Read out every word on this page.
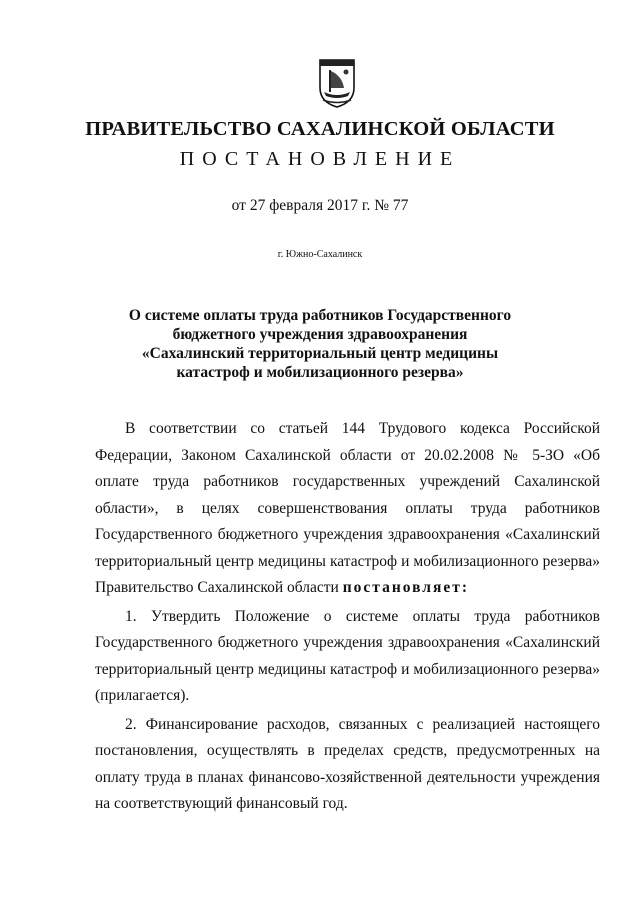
ПРАВИТЕЛЬСТВО САХАЛИНСКОЙ ОБЛАСТИ
ПОСТАНОВЛЕНИЕ
от 27 февраля 2017 г. № 77
г. Южно-Сахалинск
О системе оплаты труда работников Государственного
бюджетного учреждения здравоохранения
«Сахалинский территориальный центр медицины
катастроф и мобилизационного резерва»

В соответствии со статьей 144 Трудового кодекса Российской Федерации, Законом Сахалинской области от 20.02.2008 № 5-ЗО «Об оплате труда работников государственных учреждений Сахалинской области», в целях совершенствования оплаты труда работников Государственного бюджетного учреждения здравоохранения «Сахалинский территориальный центр медицины катастроф и мобилизационного резерва» Правительство Сахалинской области постановляет:

1. Утвердить Положение о системе оплаты труда работников Государственного бюджетного учреждения здравоохранения «Сахалинский территориальный центр медицины катастроф и мобилизационного резерва» (прилагается).

2. Финансирование расходов, связанных с реализацией настоящего постановления, осуществлять в пределах средств, предусмотренных на оплату труда в планах финансово-хозяйственной деятельности учреждения на соответствующий финансовый год.
